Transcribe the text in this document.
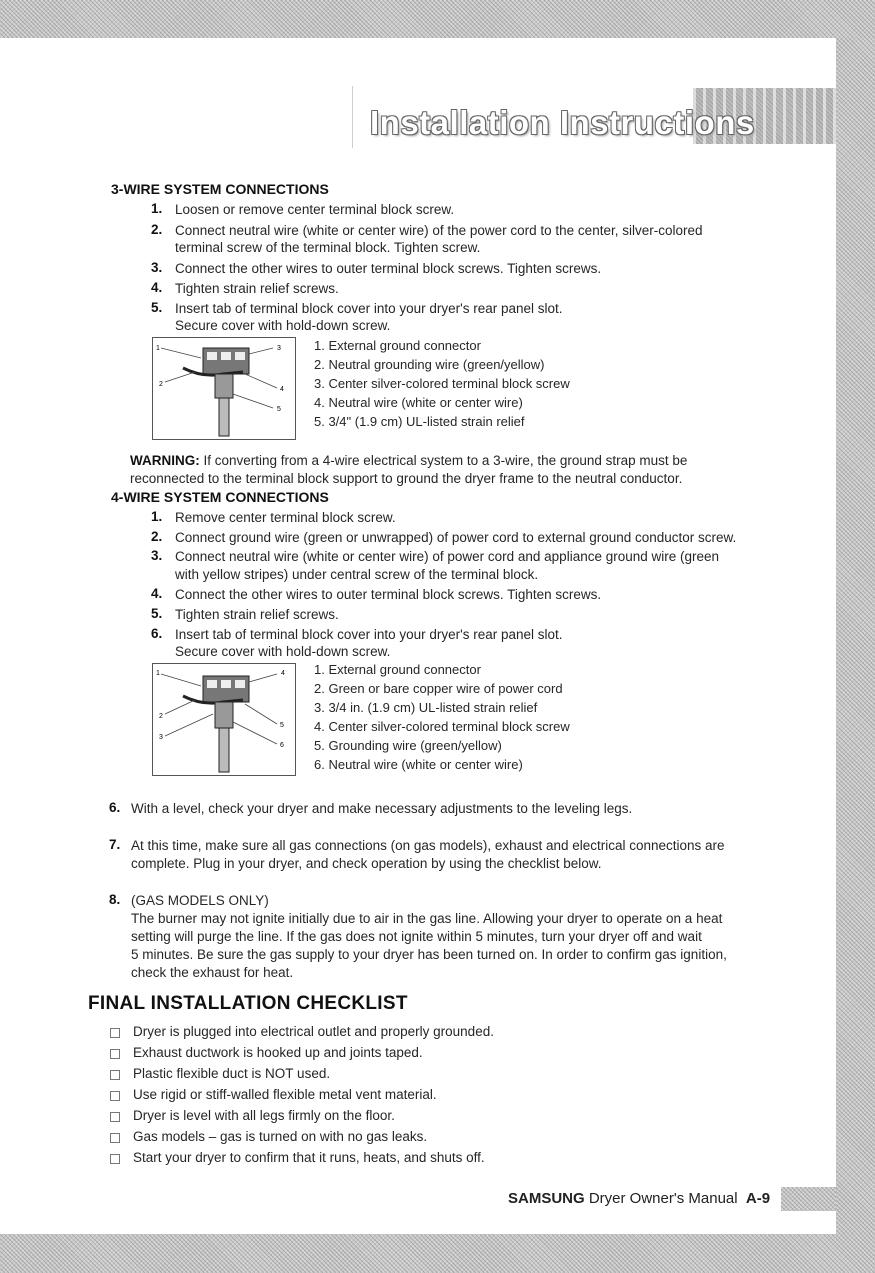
Installation Instructions
3-WIRE SYSTEM CONNECTIONS
1. Loosen or remove center terminal block screw.
2. Connect neutral wire (white or center wire) of the power cord to the center, silver-colored
terminal screw of the terminal block. Tighten screw.
3. Connect the other wires to outer terminal block screws. Tighten screws.
4. Tighten strain relief screws.
5. Insert tab of terminal block cover into your dryer's rear panel slot.
Secure cover with hold-down screw.
1	3
2
4
5
1. External ground connector
2. Neutral grounding wire (green/yellow)
3. Center silver-colored terminal block screw
4. Neutral wire (white or center wire)
5. 3/4" (1.9 cm) UL-listed strain relief
WARNING: If converting from a 4-wire electrical system to a 3-wire, the ground strap must be
reconnected to the terminal block support to ground the dryer frame to the neutral conductor.
4-WIRE SYSTEM CONNECTIONS
1. Remove center terminal block screw.
2. Connect ground wire (green or unwrapped) of power cord to external ground conductor screw.
3. Connect neutral wire (white or center wire) of power cord and appliance ground wire (green
with yellow stripes) under central screw of the terminal block.
4. Connect the other wires to outer terminal block screws. Tighten screws.
5. Tighten strain relief screws.
6. Insert tab of terminal block cover into your dryer's rear panel slot.
Secure cover with hold-down screw.
1	4
2
5
3
6
1. External ground connector
2. Green or bare copper wire of power cord
3. 3/4 in. (1.9 cm) UL-listed strain relief
4. Center silver-colored terminal block screw
5. Grounding wire (green/yellow)
6. Neutral wire (white or center wire)
6. With a level, check your dryer and make necessary adjustments to the leveling legs.
7. At this time, make sure all gas connections (on gas models), exhaust and electrical connections are
complete. Plug in your dryer, and check operation by using the checklist below.
8. (GAS MODELS ONLY)
The burner may not ignite initially due to air in the gas line. Allowing your dryer to operate on a heat
setting will purge the line. If the gas does not ignite within 5 minutes, turn your dryer off and wait
5 minutes. Be sure the gas supply to your dryer has been turned on. In order to confirm gas ignition,
check the exhaust for heat.
FINAL INSTALLATION CHECKLIST
Dryer is plugged into electrical outlet and properly grounded.
Exhaust ductwork is hooked up and joints taped.
Plastic flexible duct is NOT used.
Use rigid or stiff-walled flexible metal vent material.
Dryer is level with all legs firmly on the floor.
Gas models – gas is turned on with no gas leaks.
Start your dryer to confirm that it runs, heats, and shuts off.
SAMSUNG Dryer Owner's Manual  A-9
